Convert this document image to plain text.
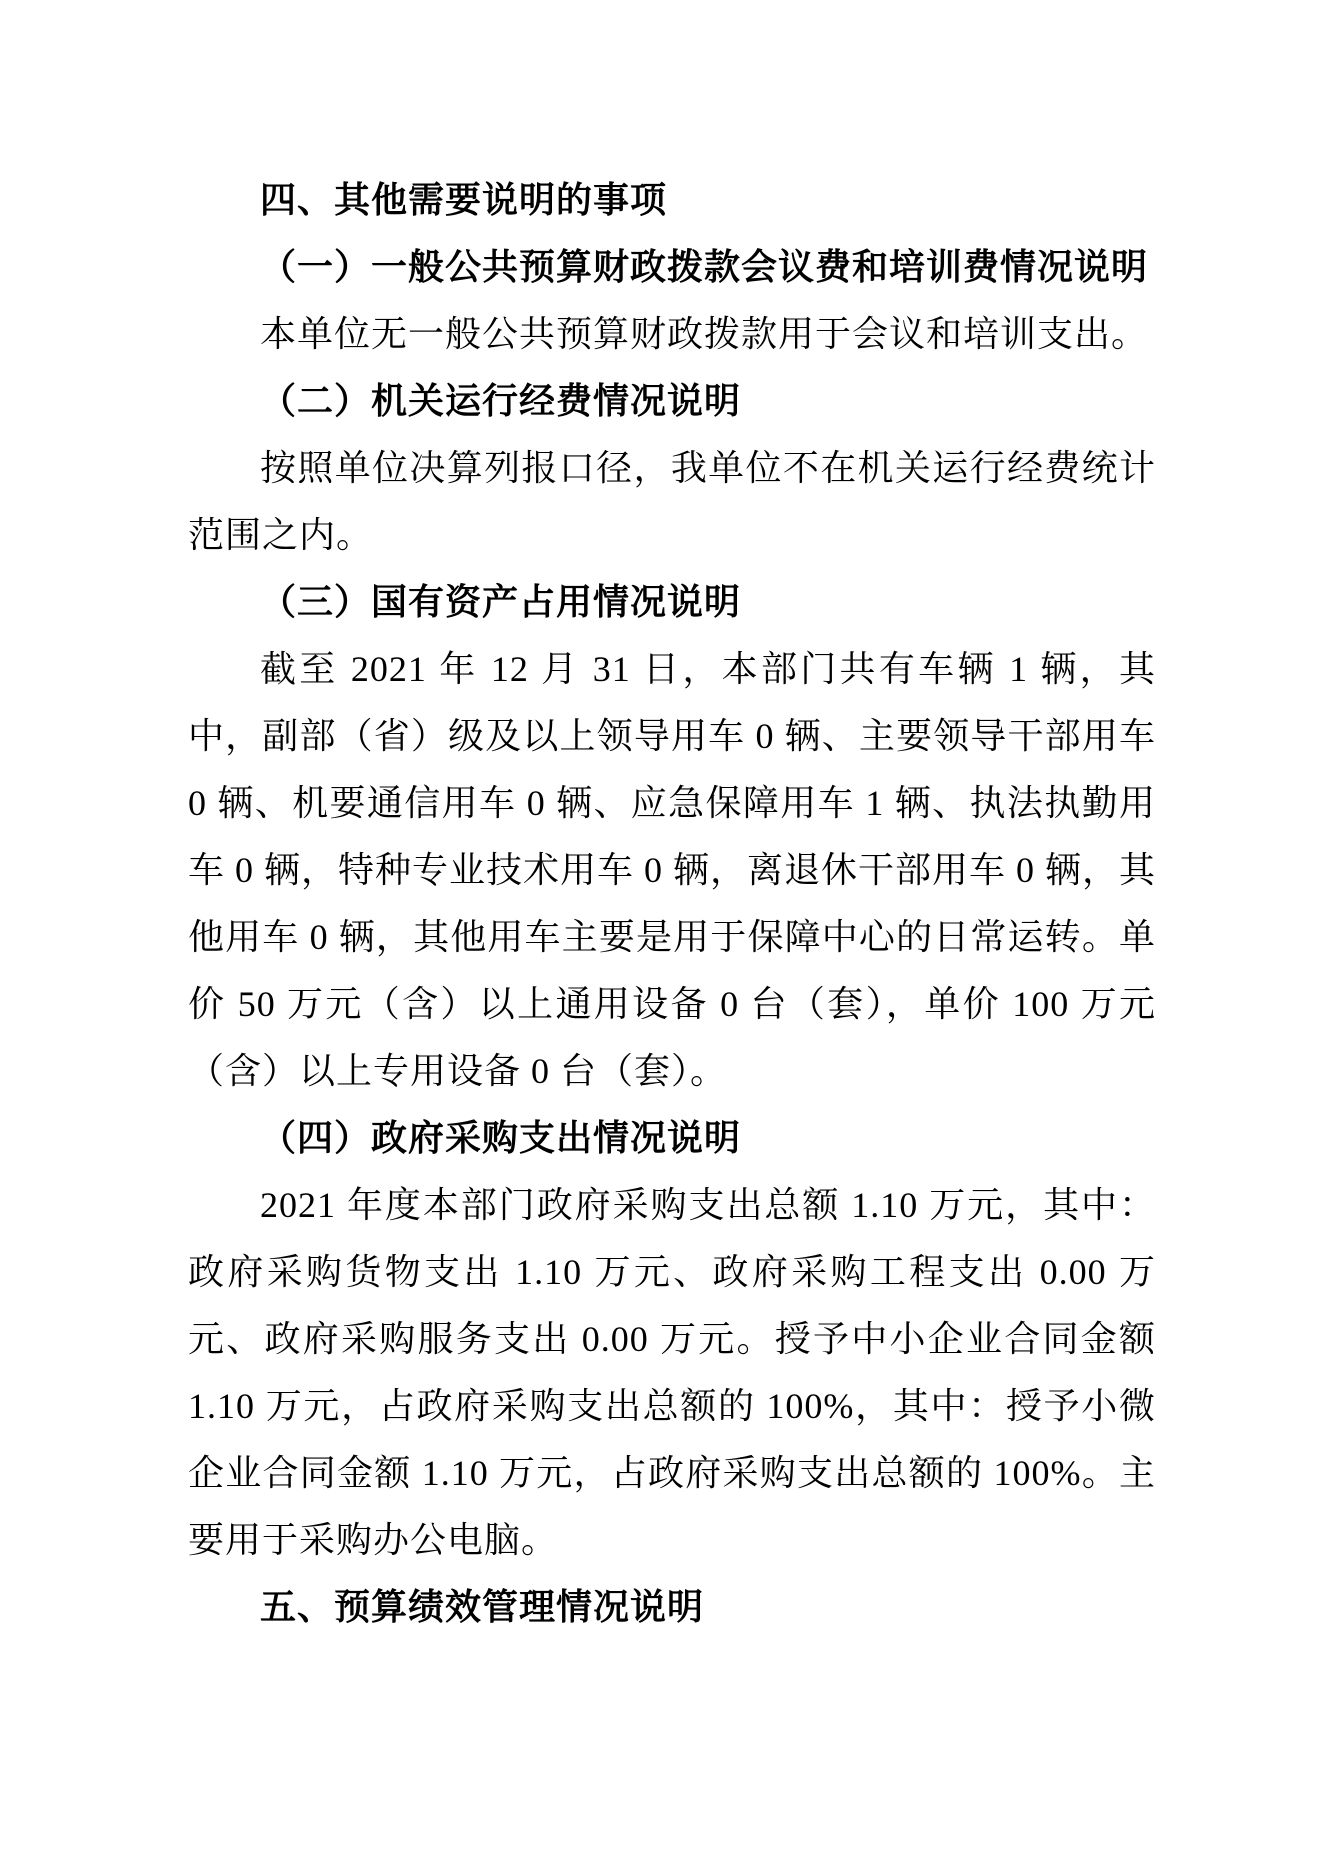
四、其他需要说明的事项
（一）一般公共预算财政拨款会议费和培训费情况说明
本单位无一般公共预算财政拨款用于会议和培训支出。
（二）机关运行经费情况说明
按照单位决算列报口径，我单位不在机关运行经费统计范围之内。
（三）国有资产占用情况说明
截至 2021 年 12 月 31 日，本部门共有车辆 1 辆，其中，副部（省）级及以上领导用车 0 辆、主要领导干部用车 0 辆、机要通信用车 0 辆、应急保障用车 1 辆、执法执勤用车 0 辆，特种专业技术用车 0 辆，离退休干部用车 0 辆，其他用车 0 辆，其他用车主要是用于保障中心的日常运转。单价 50 万元（含）以上通用设备 0 台（套），单价 100 万元（含）以上专用设备 0 台（套）。
（四）政府采购支出情况说明
2021 年度本部门政府采购支出总额 1.10 万元，其中：政府采购货物支出 1.10 万元、政府采购工程支出 0.00 万元、政府采购服务支出 0.00 万元。授予中小企业合同金额 1.10 万元，占政府采购支出总额的 100%，其中：授予小微企业合同金额 1.10 万元，占政府采购支出总额的 100%。主要用于采购办公电脑。
五、预算绩效管理情况说明
